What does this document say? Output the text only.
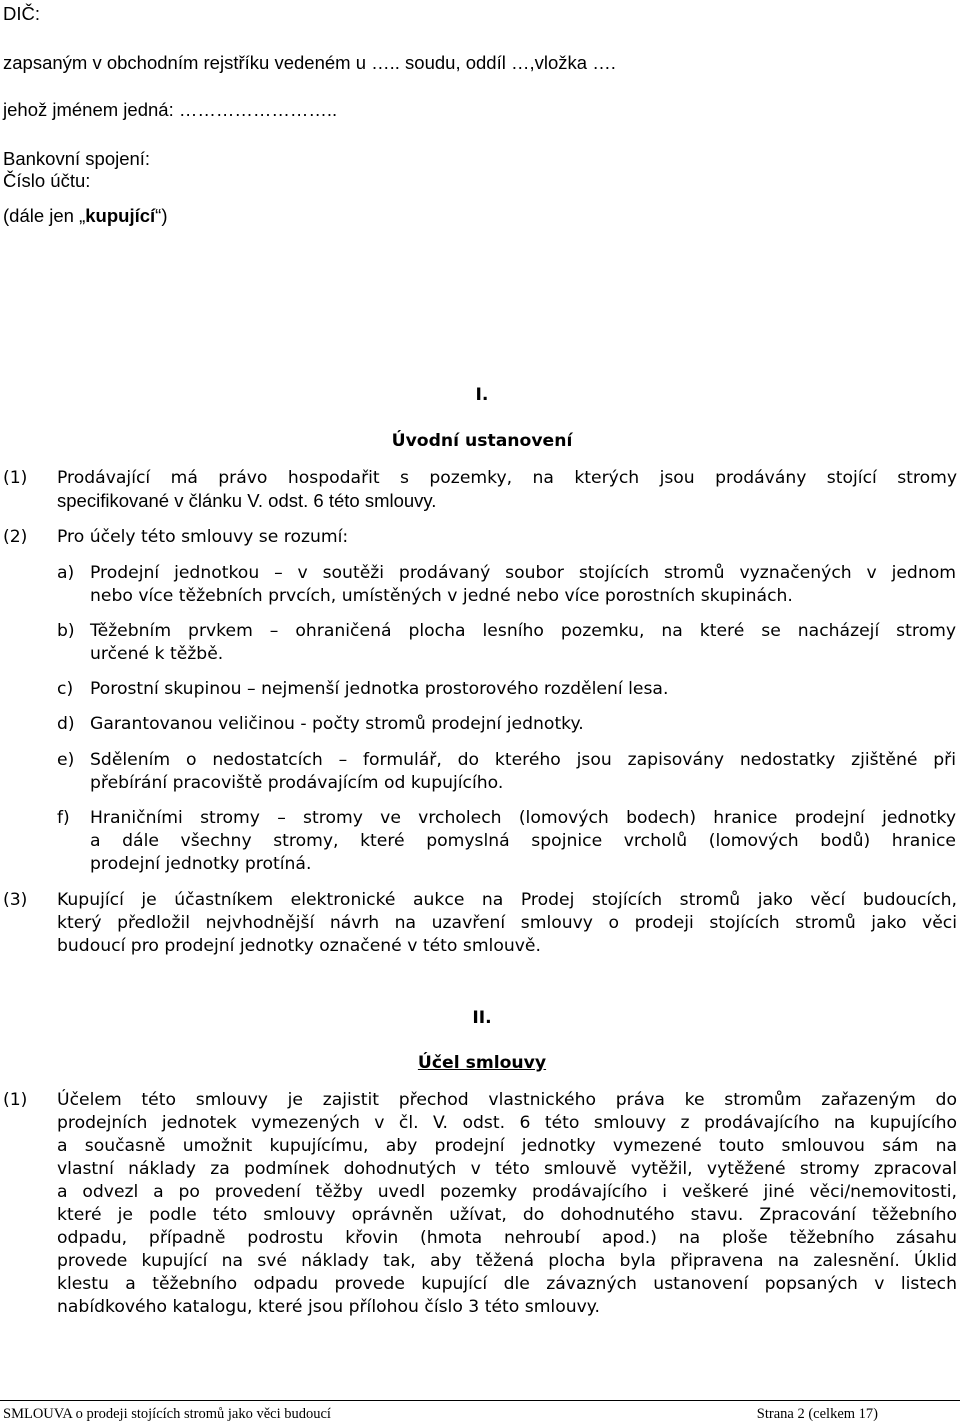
DIČ:
zapsaným v obchodním rejstříku vedeném u ….. soudu, oddíl …,vložka ….
jehož jménem jedná: ……………………..
Bankovní spojení:
Číslo účtu:
(dále jen „kupující“)
I.
Úvodní ustanovení
(1) Prodávající má právo hospodařit s pozemky, na kterých jsou prodávány stojící stromy
specifikované v článku V. odst. 6 této smlouvy.
(2) Pro účely této smlouvy se rozumí:
a) Prodejní jednotkou – v soutěži prodávaný soubor stojících stromů vyznačených v jednom
nebo více těžebních prvcích, umístěných v jedné nebo více porostních skupinách.
b) Těžebním prvkem – ohraničená plocha lesního pozemku, na které se nacházejí stromy
určené k těžbě.
c) Porostní skupinou – nejmenší jednotka prostorového rozdělení lesa.
d) Garantovanou veličinou - počty stromů prodejní jednotky.
e) Sdělením o nedostatcích – formulář, do kterého jsou zapisovány nedostatky zjištěné při
přebírání pracoviště prodávajícím od kupujícího.
f) Hraničními stromy – stromy ve vrcholech (lomových bodech) hranice prodejní jednotky
a dále všechny stromy, které pomyslná spojnice vrcholů (lomových bodů) hranice
prodejní jednotky protíná.
(3) Kupující je účastníkem elektronické aukce na Prodej stojících stromů jako věcí budoucích,
který předložil nejvhodnější návrh na uzavření smlouvy o prodeji stojících stromů jako věci
budoucí pro prodejní jednotky označené v této smlouvě.
II.
Účel smlouvy
(1) Účelem této smlouvy je zajistit přechod vlastnického práva ke stromům zařazeným do
prodejních jednotek vymezených v čl. V. odst. 6 této smlouvy z prodávajícího na kupujícího
a současně umožnit kupujícímu, aby prodejní jednotky vymezené touto smlouvou sám na
vlastní náklady za podmínek dohodnutých v této smlouvě vytěžil, vytěžené stromy zpracoval
a odvezl a po provedení těžby uvedl pozemky prodávajícího i veškeré jiné věci/nemovitosti,
které je podle této smlouvy oprávněn užívat, do dohodnutého stavu. Zpracování těžebního
odpadu, případně podrostu křovin (hmota nehroubí apod.) na ploše těžebního zásahu
provede kupující na své náklady tak, aby těžená plocha byla připravena na zalesnění. Úklid
klestu a těžebního odpadu provede kupující dle závazných ustanovení popsaných v listech
nabídkového katalogu, které jsou přílohou číslo 3 této smlouvy.
SMLOUVA o prodeji stojících stromů jako věci budoucí	Strana 2 (celkem 17)
